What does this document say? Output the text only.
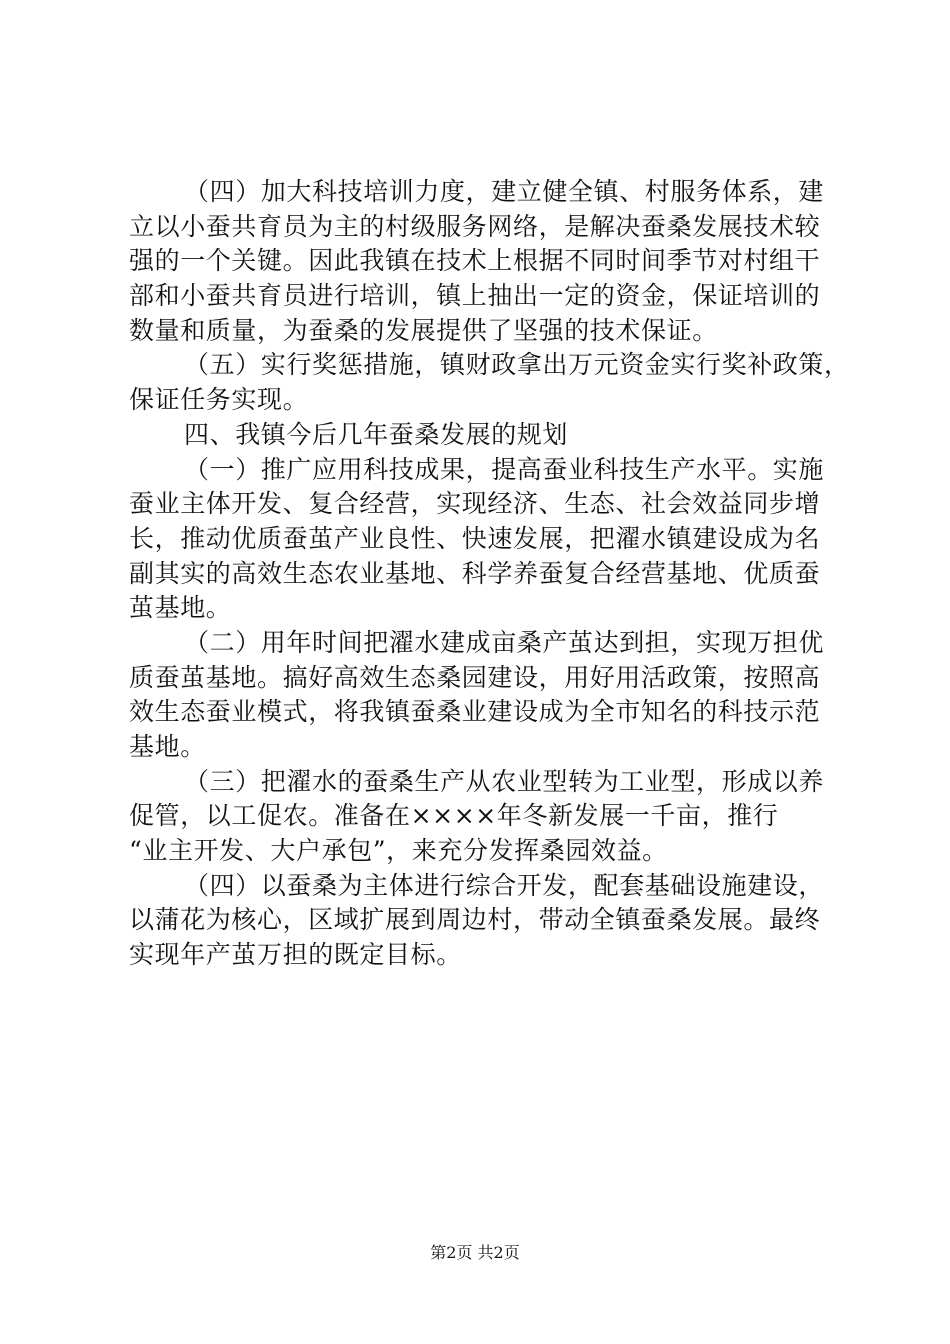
（四）加大科技培训力度，建立健全镇、村服务体系，建
立以小蚕共育员为主的村级服务网络，是解决蚕桑发展技术较
强的一个关键。因此我镇在技术上根据不同时间季节对村组干
部和小蚕共育员进行培训，镇上抽出一定的资金，保证培训的
数量和质量，为蚕桑的发展提供了坚强的技术保证。
（五）实行奖惩措施，镇财政拿出万元资金实行奖补政策，
保证任务实现。
四、我镇今后几年蚕桑发展的规划
（一）推广应用科技成果，提高蚕业科技生产水平。实施
蚕业主体开发、复合经营，实现经济、生态、社会效益同步增
长，推动优质蚕茧产业良性、快速发展，把濯水镇建设成为名
副其实的高效生态农业基地、科学养蚕复合经营基地、优质蚕
茧基地。
（二）用年时间把濯水建成亩桑产茧达到担，实现万担优
质蚕茧基地。搞好高效生态桑园建设，用好用活政策，按照高
效生态蚕业模式，将我镇蚕桑业建设成为全市知名的科技示范
基地。
（三）把濯水的蚕桑生产从农业型转为工业型，形成以养
促管，以工促农。准备在××××年冬新发展一千亩，推行
“业主开发、大户承包”，来充分发挥桑园效益。
（四）以蚕桑为主体进行综合开发，配套基础设施建设，
以蒲花为核心，区域扩展到周边村，带动全镇蚕桑发展。最终
实现年产茧万担的既定目标。
第2页 共2页
